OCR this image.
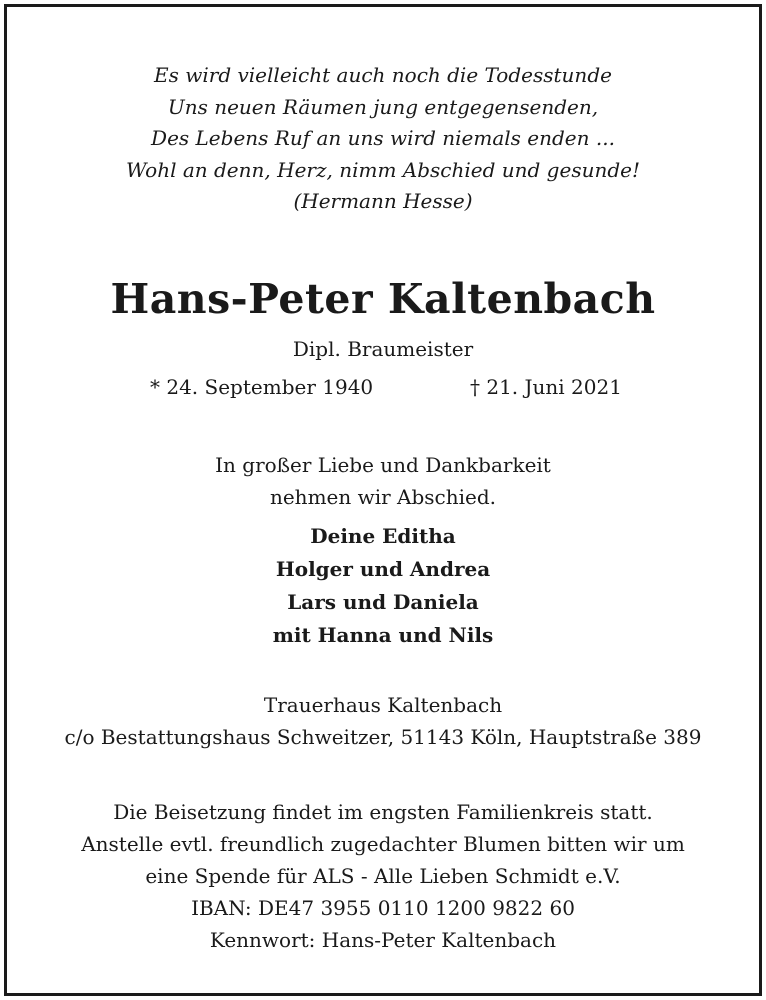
Es wird vielleicht auch noch die Todesstunde
Uns neuen Räumen jung entgegensenden,
Des Lebens Ruf an uns wird niemals enden ...
Wohl an denn, Herz, nimm Abschied und gesunde!
(Hermann Hesse)
Hans-Peter Kaltenbach
Dipl. Braumeister
* 24. September 1940	† 21. Juni 2021
In großer Liebe und Dankbarkeit
nehmen wir Abschied.
Deine Editha
Holger und Andrea
Lars und Daniela
mit Hanna und Nils
Trauerhaus Kaltenbach
c/o Bestattungshaus Schweitzer, 51143 Köln, Hauptstraße 389
Die Beisetzung findet im engsten Familienkreis statt.
Anstelle evtl. freundlich zugedachter Blumen bitten wir um
eine Spende für ALS - Alle Lieben Schmidt e.V.
IBAN: DE47 3955 0110 1200 9822 60
Kennwort: Hans-Peter Kaltenbach
